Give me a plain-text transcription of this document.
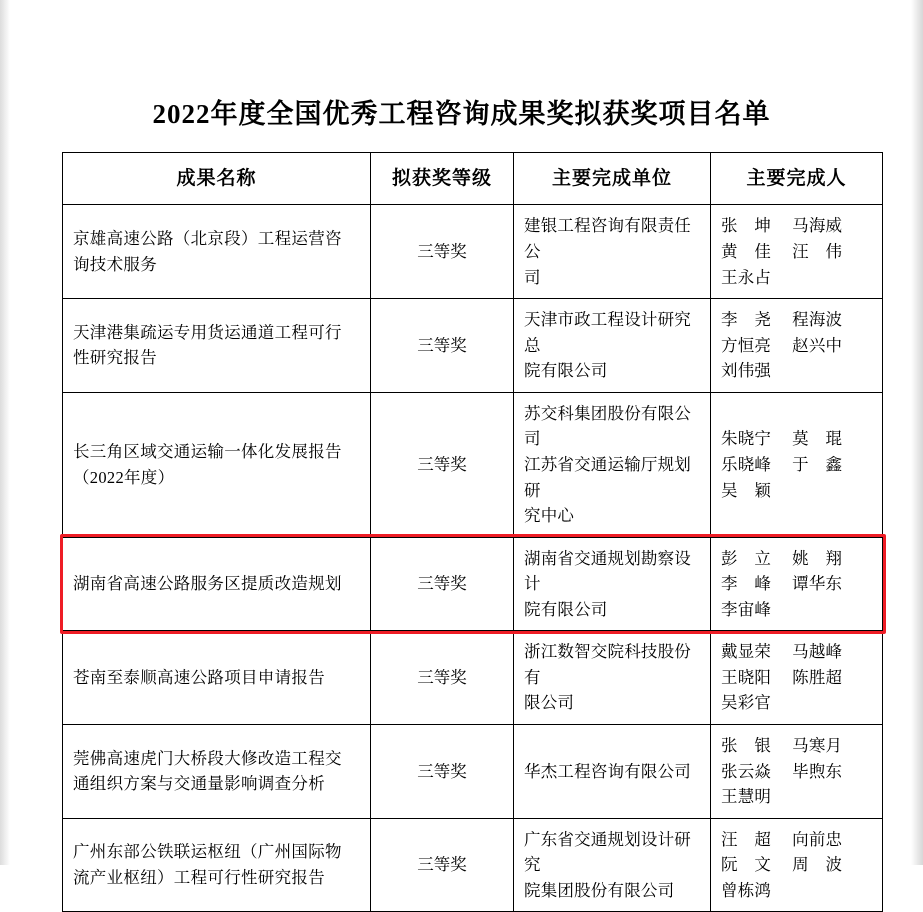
2022年度全国优秀工程咨询成果奖拟获奖项目名单
成果名称	拟获奖等级	主要完成单位	主要完成人

京雄高速公路（北京段）工程运营咨
询技术服务	三等奖	建银工程咨询有限责任公
司	张　坤　 马海威
黄　佳　 汪　伟
王永占

天津港集疏运专用货运通道工程可行
性研究报告	三等奖	天津市政工程设计研究总
院有限公司	李　尧　 程海波
方恒亮　 赵兴中
刘伟强

长三角区域交通运输一体化发展报告
（2022年度）	三等奖	苏交科集团股份有限公司
江苏省交通运输厅规划研
究中心	朱晓宁　 莫　琨
乐晓峰　 于　鑫
吴　颖

湖南省高速公路服务区提质改造规划	三等奖	湖南省交通规划勘察设计
院有限公司	彭　立　 姚　翔
李　峰　 谭华东
李宙峰

苍南至泰顺高速公路项目申请报告	三等奖	浙江数智交院科技股份有
限公司	戴显荣　 马越峰
王晓阳　 陈胜超
吴彩官

莞佛高速虎门大桥段大修改造工程交
通组织方案与交通量影响调查分析	三等奖	华杰工程咨询有限公司	张　银　 马寒月
张云焱　 毕煦东
王慧明

广州东部公铁联运枢纽（广州国际物
流产业枢纽）工程可行性研究报告	三等奖	广东省交通规划设计研究
院集团股份有限公司	汪　超　 向前忠
阮　文　 周　波
曾栋鸿
